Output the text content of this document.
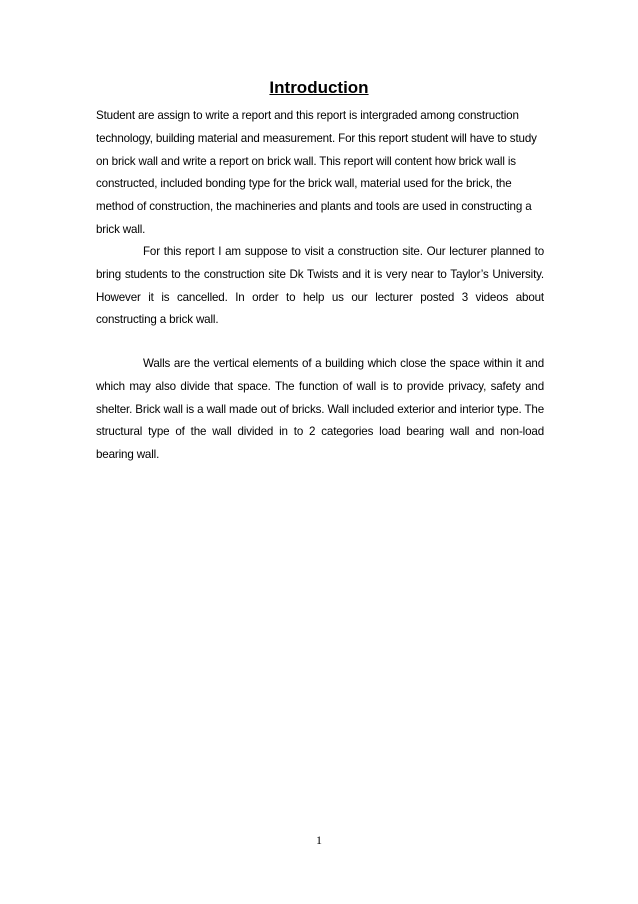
Introduction

Student are assign to write a report and this report is intergraded among construction technology, building material and measurement. For this report student will have to study on brick wall and write a report on brick wall. This report will content how brick wall is constructed, included bonding type for the brick wall, material used for the brick, the method of construction, the machineries and plants and tools are used in constructing a brick wall.

For this report I am suppose to visit a construction site. Our lecturer planned to bring students to the construction site Dk Twists and it is very near to Taylor’s University. However it is cancelled. In order to help us our lecturer posted 3 videos about constructing a brick wall.

Walls are the vertical elements of a building which close the space within it and which may also divide that space. The function of wall is to provide privacy, safety and shelter. Brick wall is a wall made out of bricks. Wall included exterior and interior type. The structural type of the wall divided in to 2 categories load bearing wall and non-load bearing wall.

1
